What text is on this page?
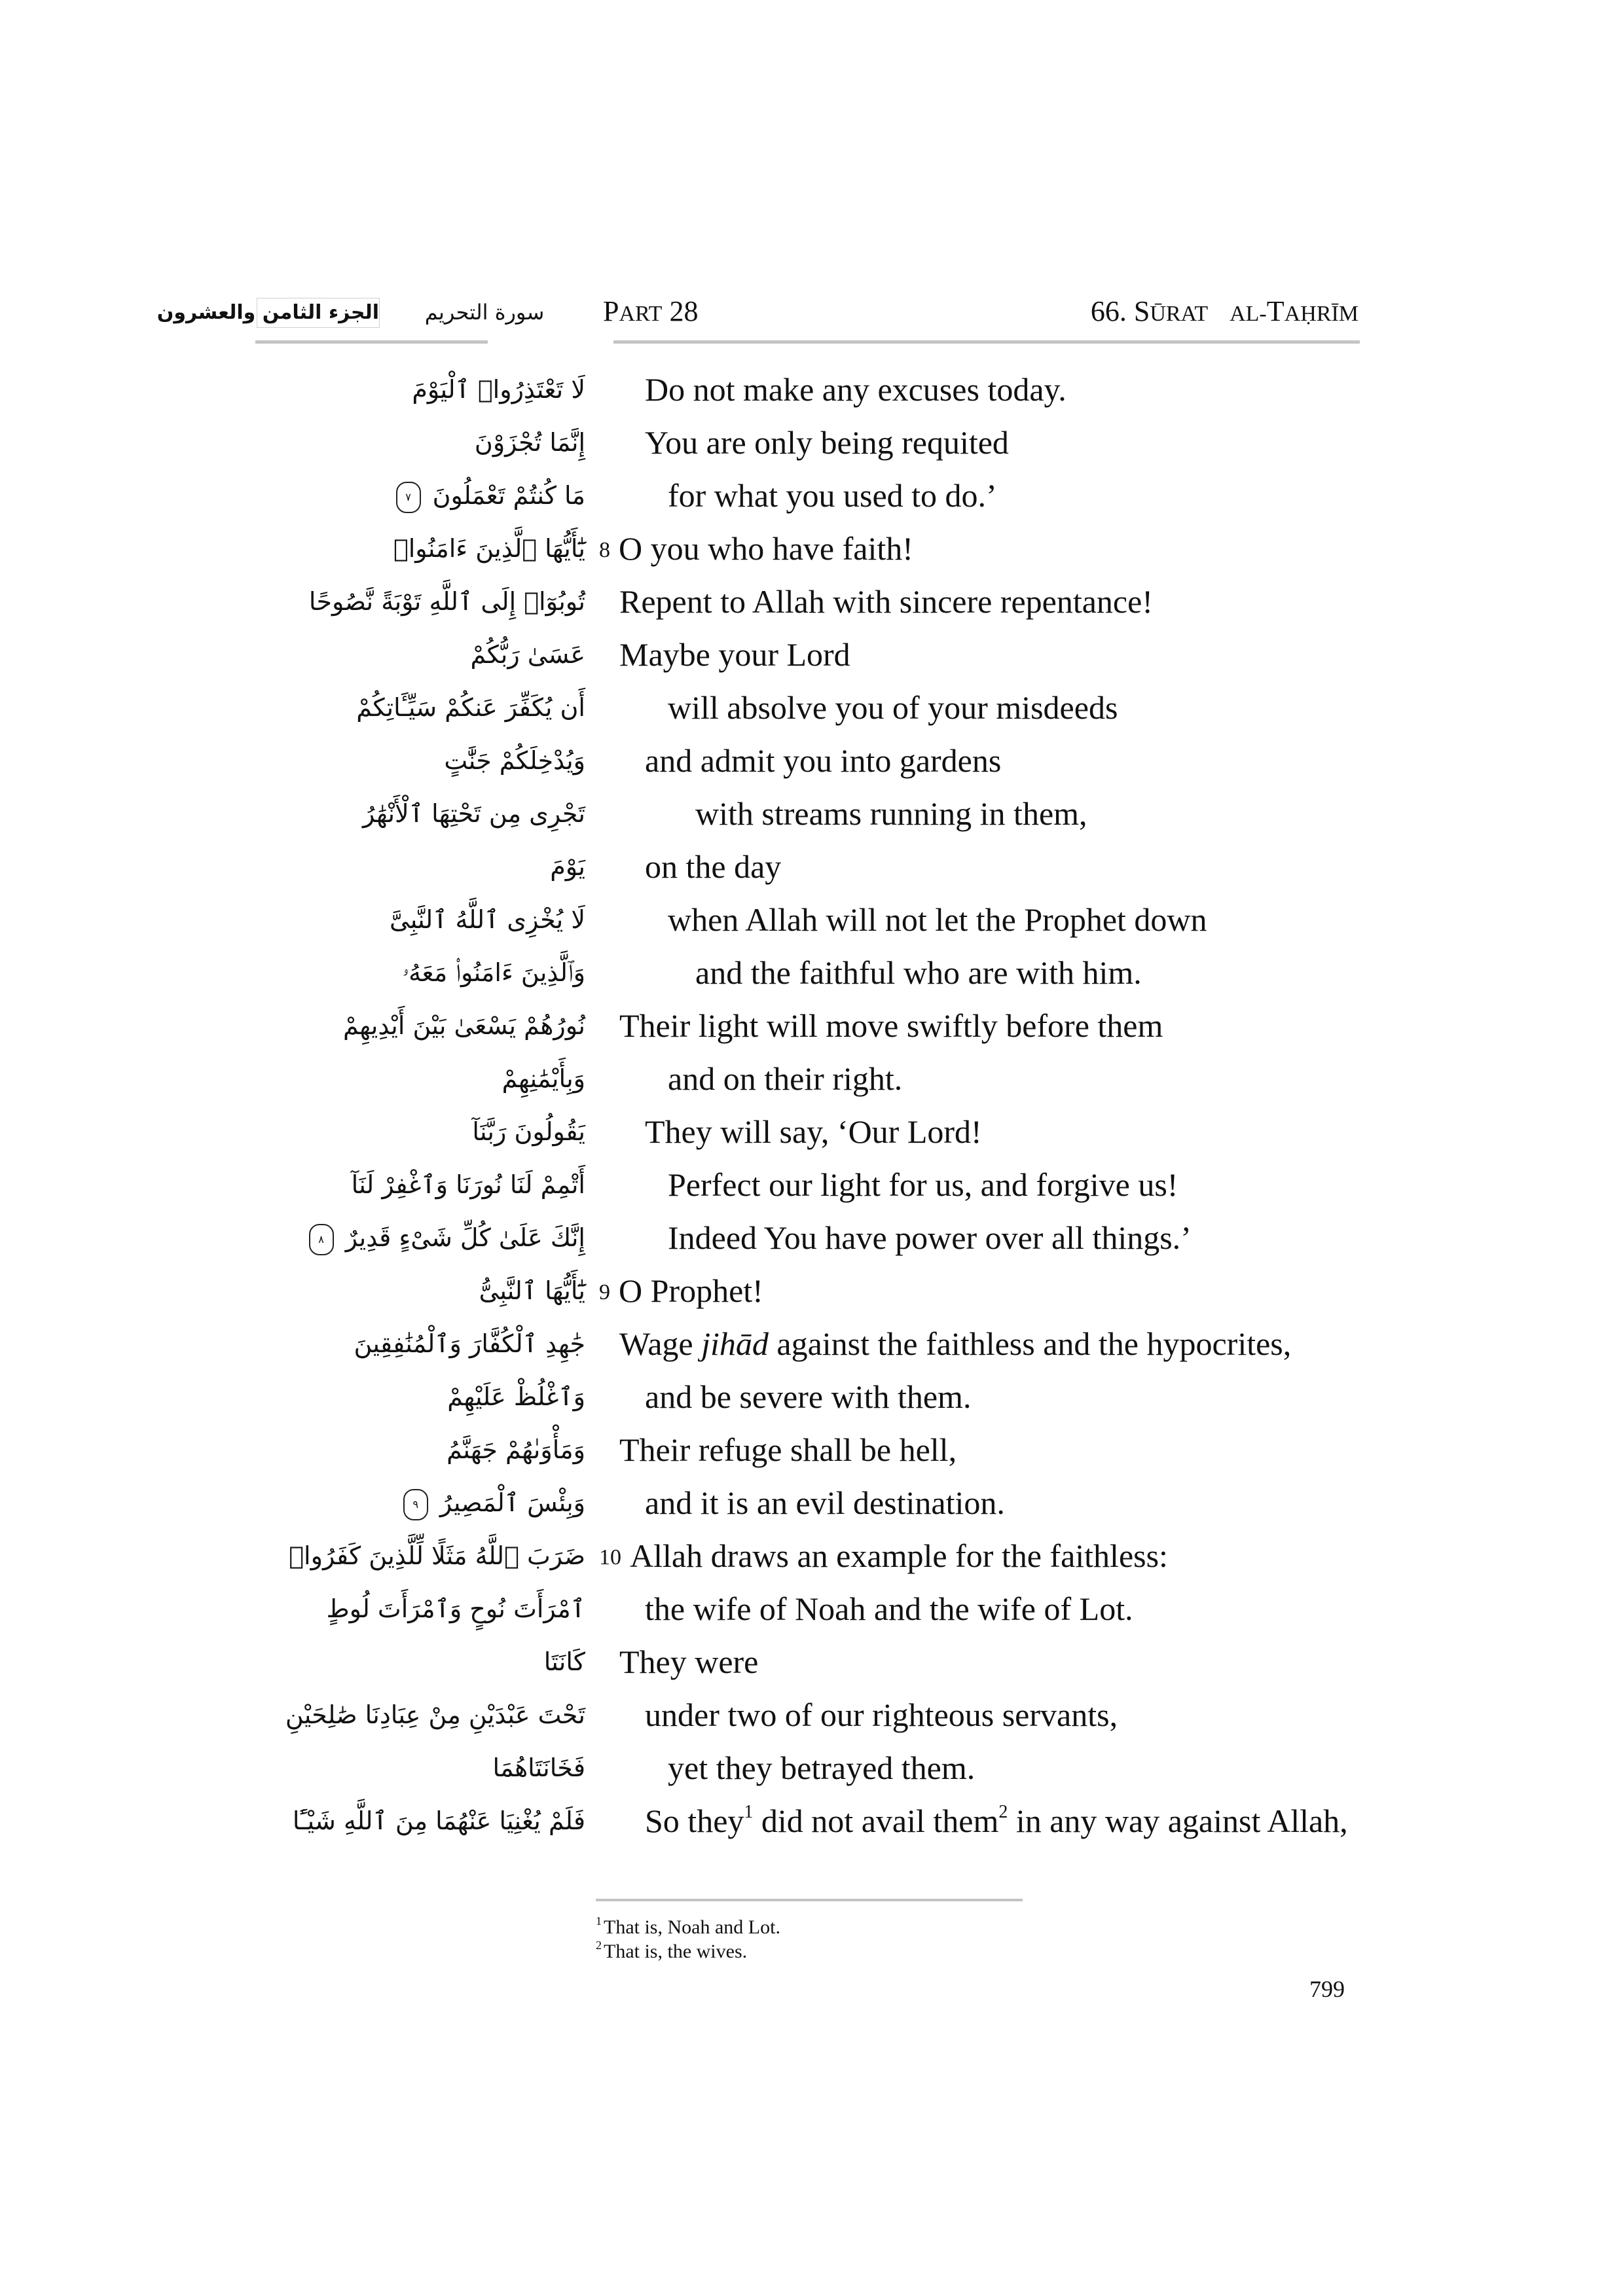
الجزء الثامن والعشرون	سورة التحريم	PART 28	66. SŪRAT AL-TAḤRĪM
لَا تَعْتَذِرُوا۟ ٱلْيَوْمَ Do not make any excuses today.
إِنَّمَا تُجْزَوْنَ You are only being requited
مَا كُنتُمْ تَعْمَلُونَ ٧	for what you used to do.’
يَٰٓأَيُّهَا ٱلَّذِينَ ءَامَنُوا۟ 8 O you who have faith!
تُوبُوٓا۟ إِلَى ٱللَّهِ تَوْبَةً نَّصُوحًا Repent to Allah with sincere repentance!
عَسَىٰ رَبُّكُمْ Maybe your Lord
أَن يُكَفِّرَ عَنكُمْ سَيِّـَٔاتِكُمْ	will absolve you of your misdeeds
وَيُدْخِلَكُمْ جَنَّٰتٍ and admit you into gardens
تَجْرِى مِن تَحْتِهَا ٱلْأَنْهَٰرُ	with streams running in them,
يَوْمَ on the day
لَا يُخْزِى ٱللَّهُ ٱلنَّبِىَّ	when Allah will not let the Prophet down
وَٱلَّذِينَ ءَامَنُوا۟ مَعَهُۥ	and the faithful who are with him.
نُورُهُمْ يَسْعَىٰ بَيْنَ أَيْدِيهِمْ Their light will move swiftly before them
وَبِأَيْمَٰنِهِمْ	and on their right.
يَقُولُونَ رَبَّنَآ They will say, ‘Our Lord!
أَتْمِمْ لَنَا نُورَنَا وَٱغْفِرْ لَنَآ	Perfect our light for us, and forgive us!
إِنَّكَ عَلَىٰ كُلِّ شَىْءٍ قَدِيرٌ ٨	Indeed You have power over all things.’
يَٰٓأَيُّهَا ٱلنَّبِىُّ 9 O Prophet!
جَٰهِدِ ٱلْكُفَّارَ وَٱلْمُنَٰفِقِينَ Wage jihād against the faithless and the hypocrites,
وَٱغْلُظْ عَلَيْهِمْ and be severe with them.
وَمَأْوَىٰهُمْ جَهَنَّمُ Their refuge shall be hell,
وَبِئْسَ ٱلْمَصِيرُ ٩	and it is an evil destination.
ضَرَبَ ٱللَّهُ مَثَلًا لِّلَّذِينَ كَفَرُوا۟ 10 Allah draws an example for the faithless:
ٱمْرَأَتَ نُوحٍ وَٱمْرَأَتَ لُوطٍ the wife of Noah and the wife of Lot.
كَانَتَا They were
تَحْتَ عَبْدَيْنِ مِنْ عِبَادِنَا صَٰلِحَيْنِ under two of our righteous servants,
فَخَانَتَاهُمَا	yet they betrayed them.
فَلَمْ يُغْنِيَا عَنْهُمَا مِنَ ٱللَّهِ شَيْـًٔا So they$^1$ did not avail them$^2$ in any way against Allah,
$^1$ That is, Noah and Lot.
$^2$ That is, the wives.
799
